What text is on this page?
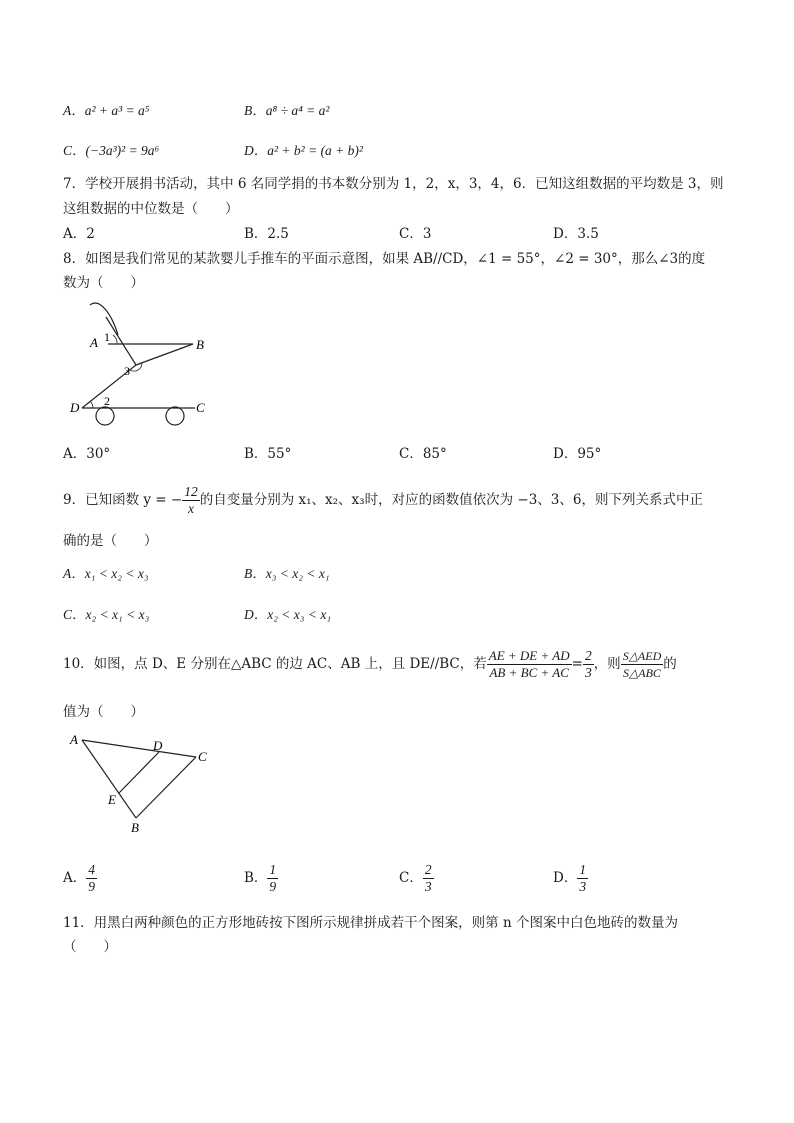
A．a² + a³ = a⁵	B．a⁸ ÷ a⁴ = a²
C．(−3a³)² = 9a⁶	D．a² + b² = (a + b)²
7．学校开展捐书活动，其中 6 名同学捐的书本数分别为 1，2，x，3，4，6．已知这组数据的平均数是 3，则
这组数据的中位数是（　　）
A．2	B．2.5	C．3	D．3.5
8．如图是我们常见的某款婴儿手推车的平面示意图，如果 AB//CD，∠1 = 55°，∠2 = 30°，那么∠3的度
数为（　　）
A	B
C
D
1
2
3
A．30°	B．55°	C．85°	D．95°
9．已知函数 y = − $\frac{12}{x}$ 的自变量分别为 x₁、x₂、x₃时，对应的函数值依次为 −3、3、6，则下列关系式中正
确的是（　　）
A．x₁ < x₂ < x₃	B．x₃ < x₂ < x₁
C．x₂ < x₁ < x₃	D．x₂ < x₃ < x₁
10．如图，点 D、E 分别在△ABC 的边 AC、AB 上，且 DE//BC，若 $\frac{AE + DE + AD}{AB + BC + AC} = \frac{2}{3}$ ，则 $\frac{\text{S△AED}}{\text{S△ABC}}$ 的
值为（　　）
A	D
C
E
B
A． $\frac{4}{9}$	B． $\frac{1}{9}$	C． $\frac{2}{3}$	D． $\frac{1}{3}$
11．用黑白两种颜色的正方形地砖按下图所示规律拼成若干个图案，则第 n 个图案中白色地砖的数量为
（　　）
